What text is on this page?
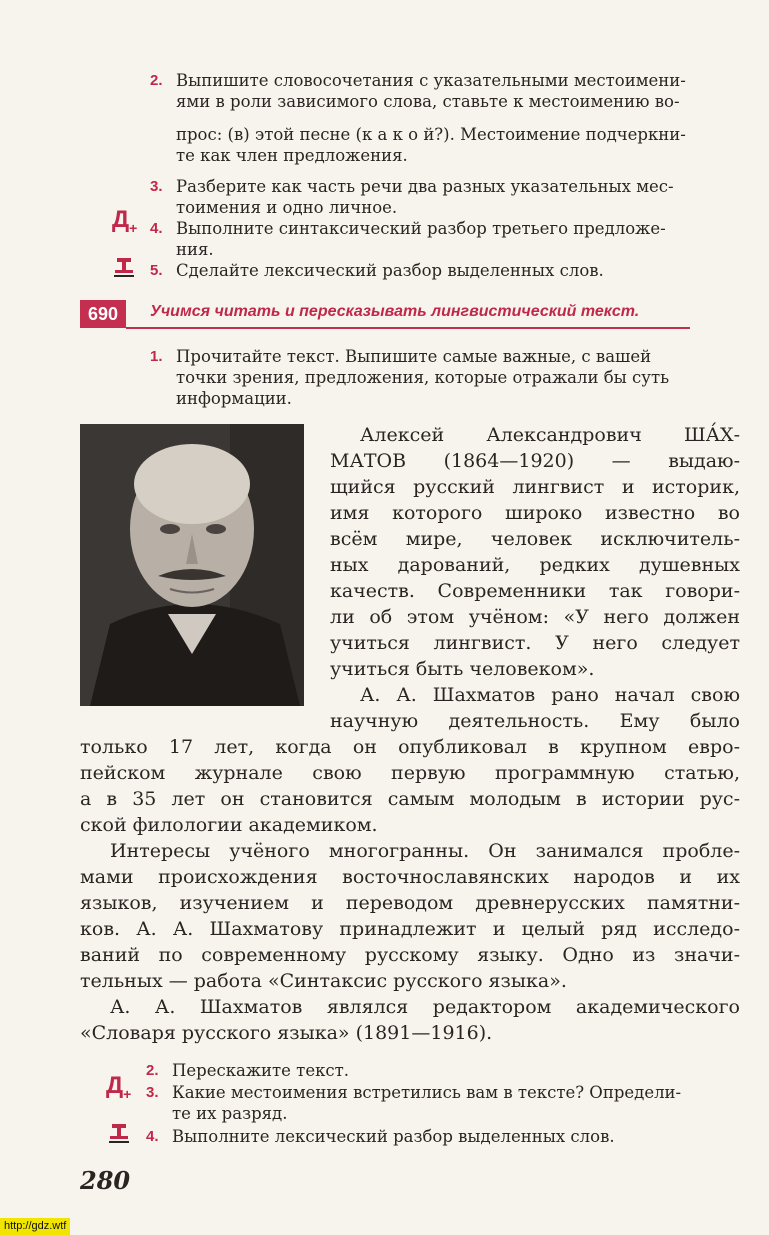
2. Выпишите словосочетания с указательными местоимени-
ями в роли зависимого слова, ставьте к местоимению во-
прос: (в) этой песне (к а к о й?). Местоимение подчеркни-
те как член предложения.
3. Разберите как часть речи два разных указательных мес-
тоимения и одно личное.
$Д_+$ 4. Выполните синтаксический разбор третьего предложе-
ния.
5. Сделайте лексический разбор выделенных слов.
690	Учимся читать и пересказывать лингвистический текст.
1. Прочитайте текст. Выпишите самые важные, с вашей
точки зрения, предложения, которые отражали бы суть
информации.
Алексей Александрович ША́Х-
МАТОВ (1864—1920) — выдаю-
щийся русский лингвист и историк,
имя которого широко известно во
всём мире, человек исключитель-
ных дарований, редких душевных
качеств. Современники так говори-
ли об этом учёном: «У него должен
учиться лингвист. У него следует
учиться быть человеком».
А. А. Шахматов рано начал свою
научную деятельность. Ему было
только 17 лет, когда он опубликовал в крупном евро-
пейском журнале свою первую программную статью,
а в 35 лет он становится самым молодым в истории рус-
ской филологии академиком.
Интересы учёного многогранны. Он занимался пробле-
мами происхождения восточнославянских народов и их
языков, изучением и переводом древнерусских памятни-
ков. А. А. Шахматову принадлежит и целый ряд исследо-
ваний по современному русскому языку. Одно из значи-
тельных — работа «Синтаксис русского языка».
А. А. Шахматов являлся редактором академического
«Словаря русского языка» (1891—1916).
2. Перескажите текст.
$Д_+$ 3. Какие местоимения встретились вам в тексте? Определи-
те их разряд.
4. Выполните лексический разбор выделенных слов.
280
http://gdz.wtf
